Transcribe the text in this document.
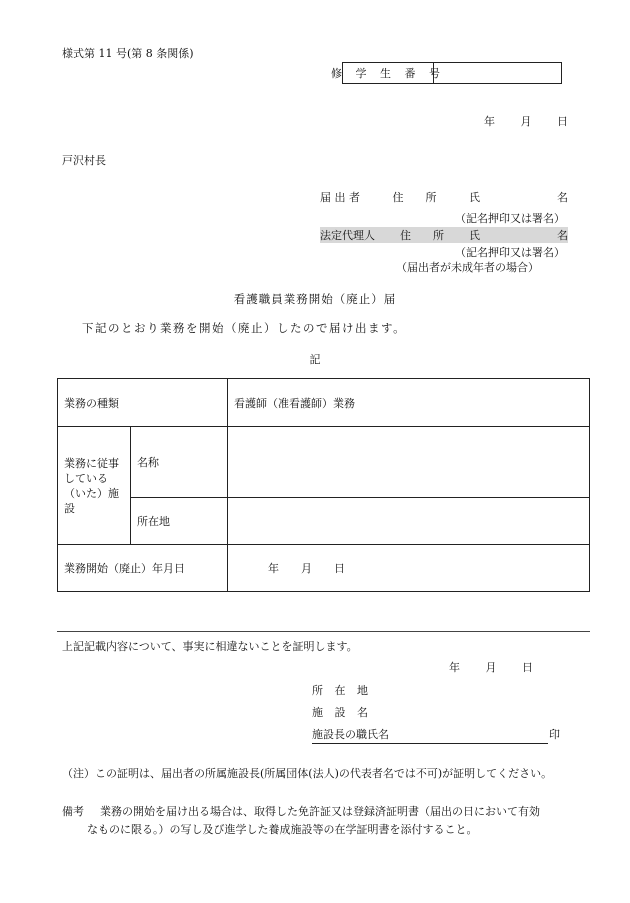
様式第 11 号(第 8 条関係)
修 学 生 番 号
年 月 日
戸沢村長
届 出 者	住　　所	氏　　　　　　　名
（記名押印又は署名）
法定代理人 住　　所 氏　　　　　　　名
（記名押印又は署名）
（届出者が未成年者の場合）
看護職員業務開始（廃止）届
下記のとおり業務を開始（廃止）したので届け出ます。
記
業務の種類		看護師（准看護師）業務
業務に従事している（いた）施設	名称	
	所在地	
業務開始（廃止）年月日		年　　月　　日
上記記載内容について、事実に相違ないことを証明します。
年 月 日
所 在 地
施 設 名
施設長の職氏名	印
（注）この証明は、届出者の所属施設長(所属団体(法人)の代表者名では不可)が証明してください。
備考 業務の開始を届け出る場合は、取得した免許証又は登録済証明書（届出の日において有効
なものに限る。）の写し及び進学した養成施設等の在学証明書を添付すること。
